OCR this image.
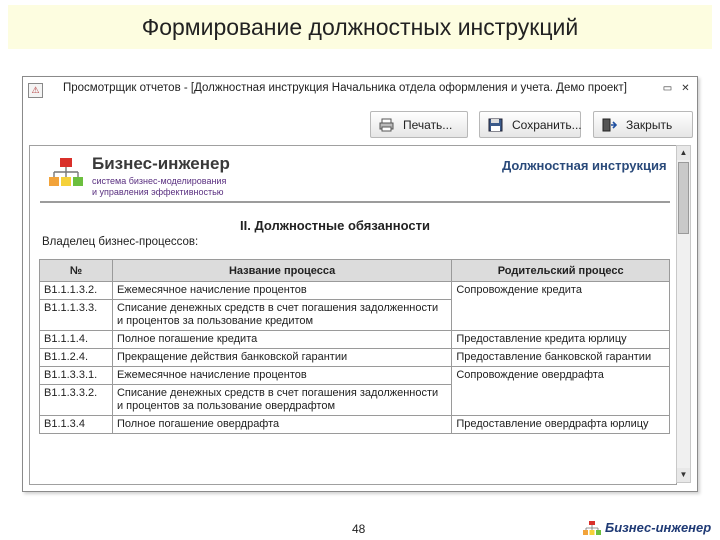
Формирование должностных инструкций
⚠	Просмотрщик отчетов - [Должностная инструкция Начальника отдела оформления и учета. Демо проект]	▭ ✕
Печать...	Сохранить...	Закрыть
Бизнес-инженер
система бизнес-моделирования
и управления эффективностью
Должностная инструкция
II. Должностные обязанности
Владелец бизнес-процессов:
№	Название процесса	Родительский процесс
B1.1.1.3.2.	Ежемесячное начисление процентов	Сопровождение кредита
B1.1.1.3.3.	Списание денежных средств в счет погашения задолженности и процентов за пользование кредитом	
B1.1.1.4.	Полное погашение кредита	Предоставление кредита юрлицу
B1.1.2.4.	Прекращение действия банковской гарантии	Предоставление банковской гарантии
B1.1.3.3.1.	Ежемесячное начисление процентов	Сопровождение овердрафта
B1.1.3.3.2.	Списание денежных средств в счет погашения задолженности и процентов за пользование овердрафтом	
B1.1.3.4	Полное погашение овердрафта	Предоставление овердрафта юрлицу
▲
▼
48	Бизнес-инженер
